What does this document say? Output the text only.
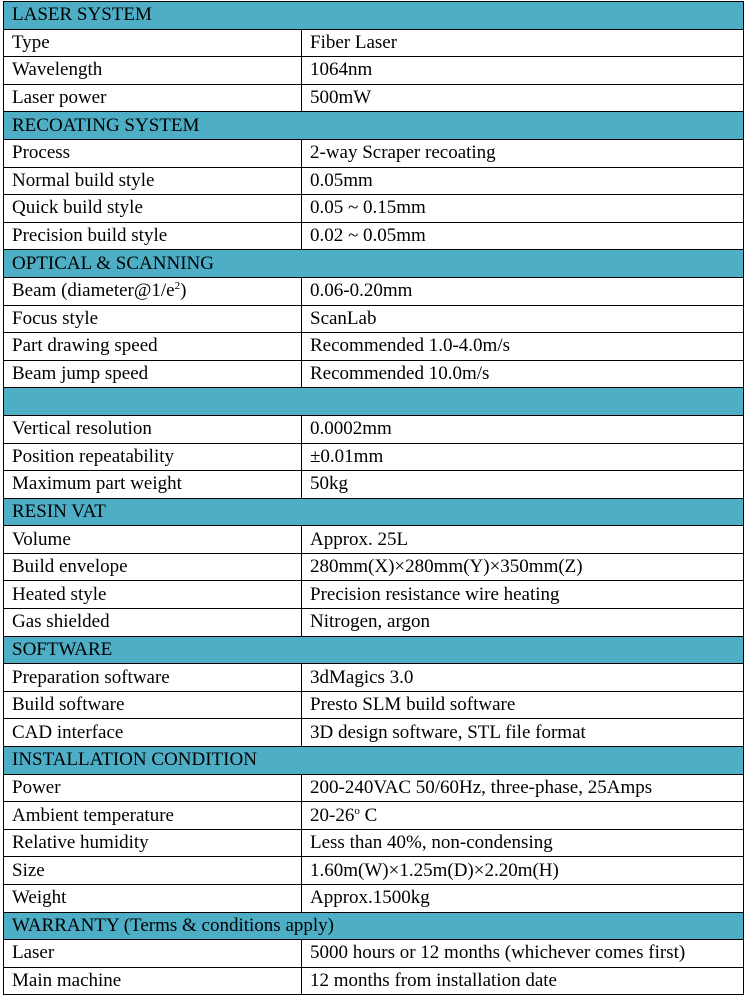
LASER SYSTEM	
Type	Fiber Laser
Wavelength	1064nm
Laser power	500mW
RECOATING SYSTEM	
Process	2-way Scraper recoating
Normal build style	0.05mm
Quick build style	0.05 ~ 0.15mm
Precision build style	0.02 ~ 0.05mm
OPTICAL & SCANNING	
Beam $(diameter@1/e^2)$	0.06-0.20mm
Focus style	ScanLab
Part drawing speed	Recommended 1.0-4.0m/s
Beam jump speed	Recommended 10.0m/s

Vertical resolution	0.0002mm
Position repeatability	±0.01mm
Maximum part weight	50kg
RESIN VAT	
Volume	Approx. 25L
Build envelope	280mm(X)×280mm(Y)×350mm(Z)
Heated style	Precision resistance wire heating
Gas shielded	Nitrogen, argon
SOFTWARE	
Preparation software	3dMagics 3.0
Build software	Presto SLM build software
CAD interface	3D design software, STL file format
INSTALLATION CONDITION	
Power	200-240VAC 50/60Hz, three-phase, 25Amps
Ambient temperature	20-26$^o$ C
Relative humidity	Less than 40%, non-condensing
Size	1.60m(W)×1.25m(D)×2.20m(H)
Weight	Approx.1500kg
WARRANTY (Terms & conditions apply)	
Laser	5000 hours or 12 months (whichever comes first)
Main machine	12 months from installation date
